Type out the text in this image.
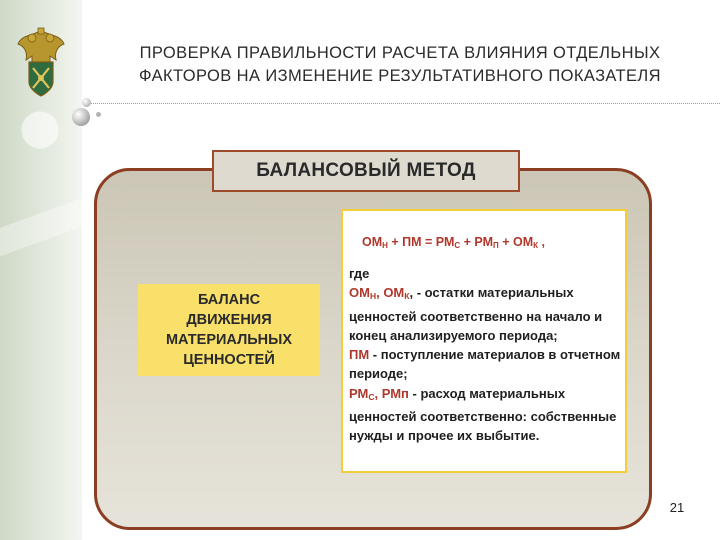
ПРОВЕРКА ПРАВИЛЬНОСТИ РАСЧЕТА ВЛИЯНИЯ ОТДЕЛЬНЫХ
ФАКТОРОВ НА ИЗМЕНЕНИЕ РЕЗУЛЬТАТИВНОГО ПОКАЗАТЕЛЯ
БАЛАНСОВЫЙ МЕТОД
БАЛАНС
ДВИЖЕНИЯ
МАТЕРИАЛЬНЫХ
ЦЕННОСТЕЙ
$ОМ_Н$ + ПМ = $РМ_С + РМ_П + ОМ_К$ ,
где
$ОМ_Н$, $ОМ_К$, - остатки материальных ценностей соответственно на начало и конец анализируемого периода;
ПМ - поступление материалов в отчетном периоде;
$РМ_С$, РМп - расход материальных ценностей соответственно: собственные нужды и прочее их выбытие.
21
